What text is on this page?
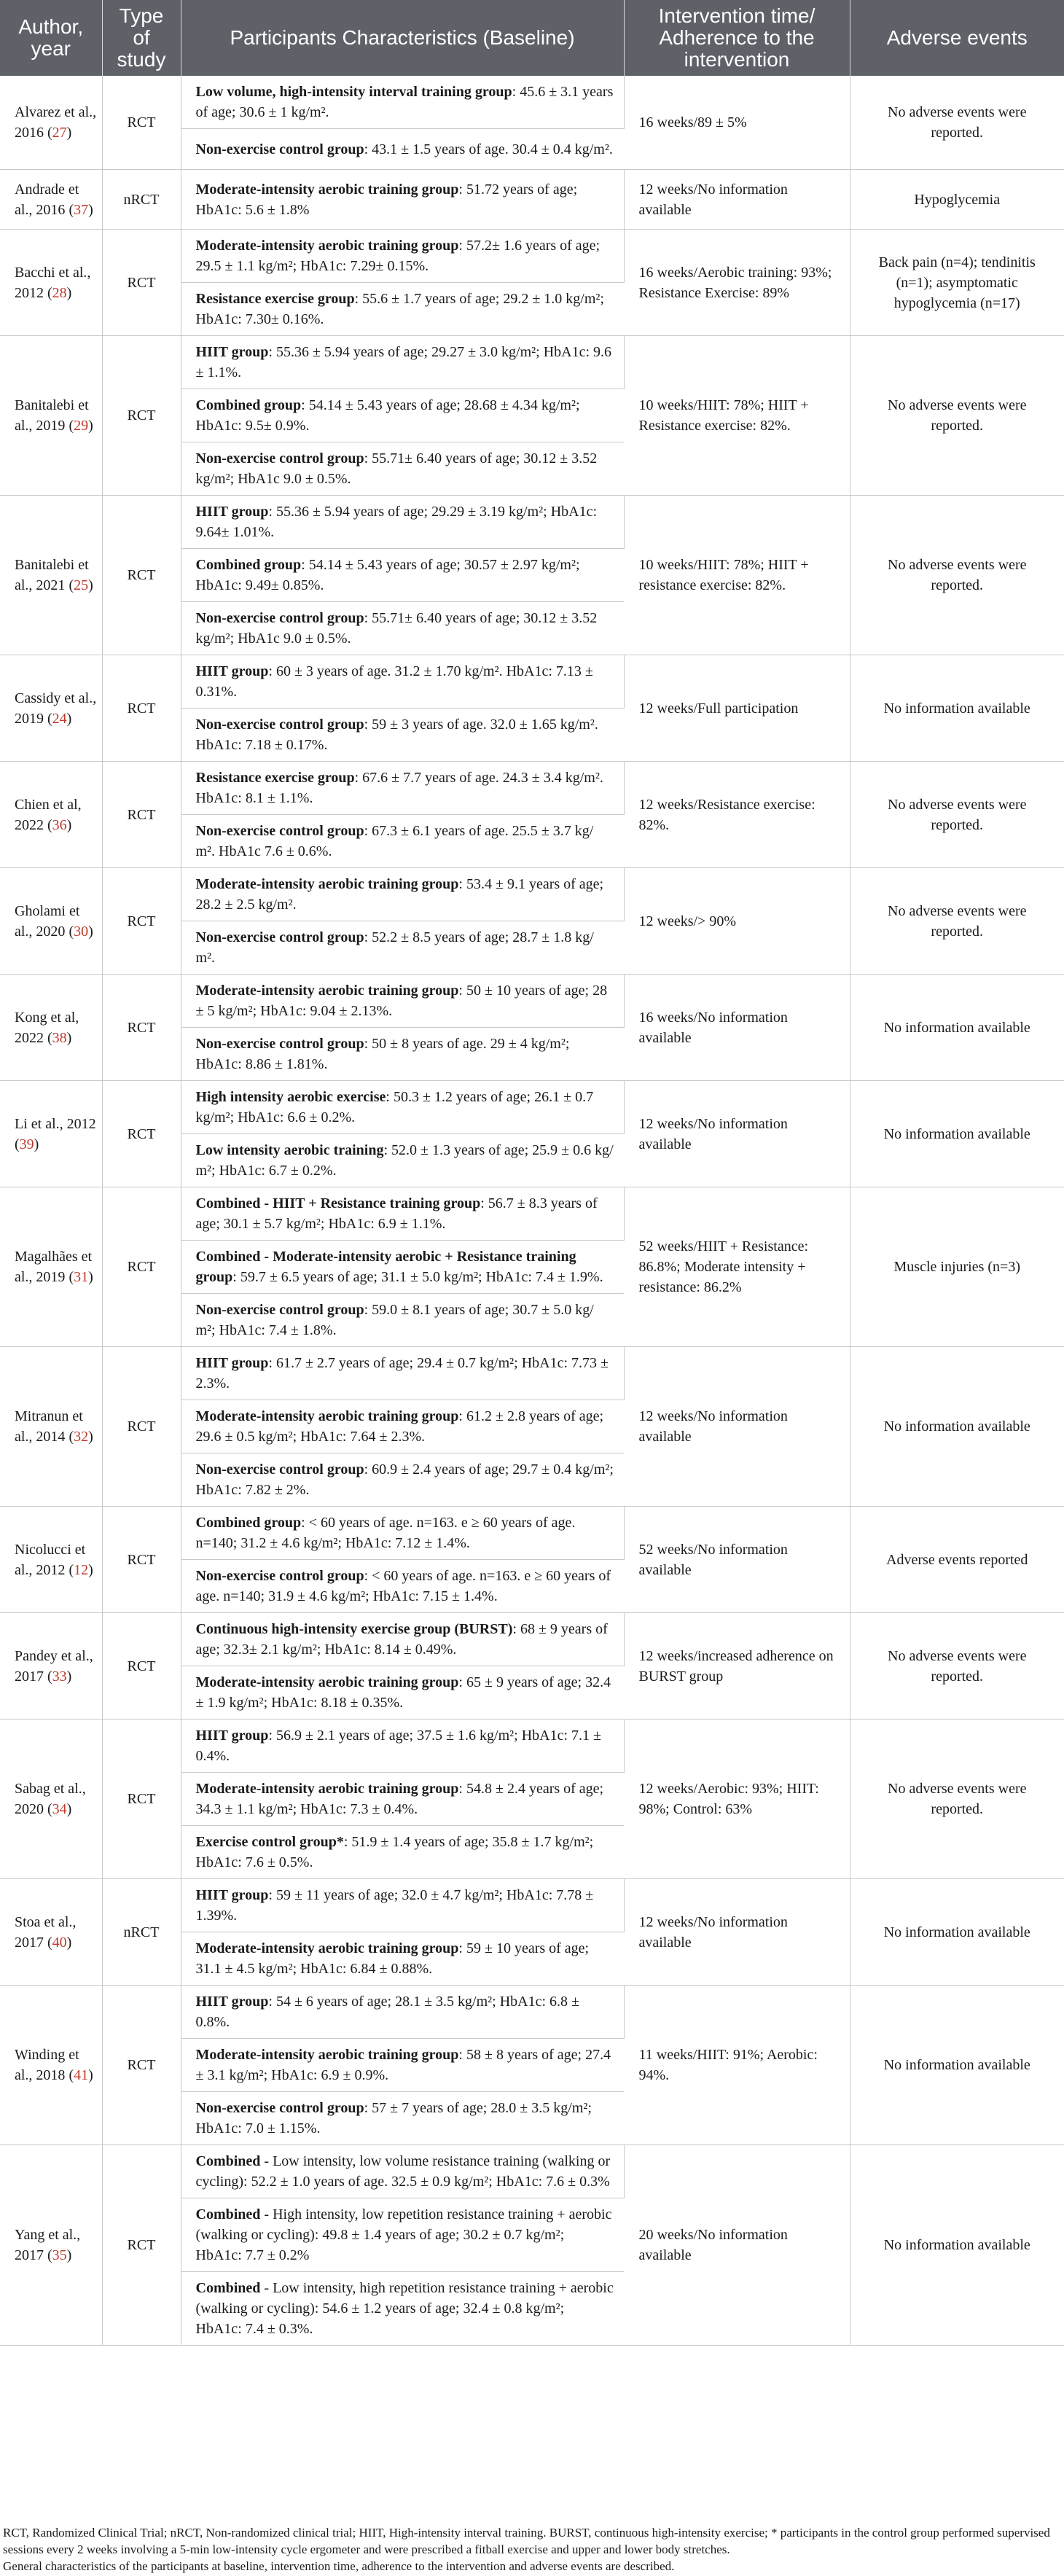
Author, year	Type of study	Participants Characteristics (Baseline)	Intervention time/ Adherence to the intervention	Adverse events
Alvarez et al., 2016 (27)	RCT	Low volume, high-intensity interval training group: 45.6 ± 3.1 years of age; 30.6 ± 1 kg/m².	16 weeks/89 ± 5%	No adverse events were reported.
		Non-exercise control group: 43.1 ± 1.5 years of age. 30.4 ± 0.4 kg/m².		
Andrade et al., 2016 (37)	nRCT	Moderate-intensity aerobic training group: 51.72 years of age; HbA1c: 5.6 ± 1.8%	12 weeks/No information available	Hypoglycemia
Bacchi et al., 2012 (28)	RCT	Moderate-intensity aerobic training group: 57.2± 1.6 years of age; 29.5 ± 1.1 kg/m²; HbA1c: 7.29± 0.15%.	16 weeks/Aerobic training: 93%; Resistance Exercise: 89%	Back pain (n=4); tendinitis (n=1); asymptomatic hypoglycemia (n=17)
		Resistance exercise group: 55.6 ± 1.7 years of age; 29.2 ± 1.0 kg/m²; HbA1c: 7.30± 0.16%.		
Banitalebi et al., 2019 (29)	RCT	HIIT group: 55.36 ± 5.94 years of age; 29.27 ± 3.0 kg/m²; HbA1c: 9.6 ± 1.1%.	10 weeks/HIIT: 78%; HIIT + Resistance exercise: 82%.	No adverse events were reported.
		Combined group: 54.14 ± 5.43 years of age; 28.68 ± 4.34 kg/m²; HbA1c: 9.5± 0.9%.		
		Non-exercise control group: 55.71± 6.40 years of age; 30.12 ± 3.52 kg/m²; HbA1c 9.0 ± 0.5%.		
Banitalebi et al., 2021 (25)	RCT	HIIT group: 55.36 ± 5.94 years of age; 29.29 ± 3.19 kg/m²; HbA1c: 9.64± 1.01%.	10 weeks/HIIT: 78%; HIIT + resistance exercise: 82%.	No adverse events were reported.
		Combined group: 54.14 ± 5.43 years of age; 30.57 ± 2.97 kg/m²; HbA1c: 9.49± 0.85%.		
		Non-exercise control group: 55.71± 6.40 years of age; 30.12 ± 3.52 kg/m²; HbA1c 9.0 ± 0.5%.		
Cassidy et al., 2019 (24)	RCT	HIIT group: 60 ± 3 years of age. 31.2 ± 1.70 kg/m². HbA1c: 7.13 ± 0.31%.	12 weeks/Full participation	No information available
		Non-exercise control group: 59 ± 3 years of age. 32.0 ± 1.65 kg/m². HbA1c: 7.18 ± 0.17%.		
Chien et al, 2022 (36)	RCT	Resistance exercise group: 67.6 ± 7.7 years of age. 24.3 ± 3.4 kg/m². HbA1c: 8.1 ± 1.1%.	12 weeks/Resistance exercise: 82%.	No adverse events were reported.
		Non-exercise control group: 67.3 ± 6.1 years of age. 25.5 ± 3.7 kg/ m². HbA1c 7.6 ± 0.6%.		
Gholami et al., 2020 (30)	RCT	Moderate-intensity aerobic training group: 53.4 ± 9.1 years of age; 28.2 ± 2.5 kg/m².	12 weeks/> 90%	No adverse events were reported.
		Non-exercise control group: 52.2 ± 8.5 years of age; 28.7 ± 1.8 kg/ m².		
Kong et al, 2022 (38)	RCT	Moderate-intensity aerobic training group: 50 ± 10 years of age; 28 ± 5 kg/m²; HbA1c: 9.04 ± 2.13%.	16 weeks/No information available	No information available
		Non-exercise control group: 50 ± 8 years of age. 29 ± 4 kg/m²; HbA1c: 8.86 ± 1.81%.		
Li et al., 2012 (39)	RCT	High intensity aerobic exercise: 50.3 ± 1.2 years of age; 26.1 ± 0.7 kg/m²; HbA1c: 6.6 ± 0.2%.	12 weeks/No information available	No information available
		Low intensity aerobic training: 52.0 ± 1.3 years of age; 25.9 ± 0.6 kg/ m²; HbA1c: 6.7 ± 0.2%.		
Magalhães et al., 2019 (31)	RCT	Combined - HIIT + Resistance training group: 56.7 ± 8.3 years of age; 30.1 ± 5.7 kg/m²; HbA1c: 6.9 ± 1.1%.	52 weeks/HIIT + Resistance: 86.8%; Moderate intensity + resistance: 86.2%	Muscle injuries (n=3)
		Combined - Moderate-intensity aerobic + Resistance training group: 59.7 ± 6.5 years of age; 31.1 ± 5.0 kg/m²; HbA1c: 7.4 ± 1.9%.		
		Non-exercise control group: 59.0 ± 8.1 years of age; 30.7 ± 5.0 kg/ m²; HbA1c: 7.4 ± 1.8%.		
Mitranun et al., 2014 (32)	RCT	HIIT group: 61.7 ± 2.7 years of age; 29.4 ± 0.7 kg/m²; HbA1c: 7.73 ± 2.3%.	12 weeks/No information available	No information available
		Moderate-intensity aerobic training group: 61.2 ± 2.8 years of age; 29.6 ± 0.5 kg/m²; HbA1c: 7.64 ± 2.3%.		
		Non-exercise control group: 60.9 ± 2.4 years of age; 29.7 ± 0.4 kg/m²; HbA1c: 7.82 ± 2%.		
Nicolucci et al., 2012 (12)	RCT	Combined group: < 60 years of age. n=163. e ≥ 60 years of age. n=140; 31.2 ± 4.6 kg/m²; HbA1c: 7.12 ± 1.4%.	52 weeks/No information available	Adverse events reported
		Non-exercise control group: < 60 years of age. n=163. e ≥ 60 years of age. n=140; 31.9 ± 4.6 kg/m²; HbA1c: 7.15 ± 1.4%.		
Pandey et al., 2017 (33)	RCT	Continuous high-intensity exercise group (BURST): 68 ± 9 years of age; 32.3± 2.1 kg/m²; HbA1c: 8.14 ± 0.49%.	12 weeks/increased adherence on BURST group	No adverse events were reported.
		Moderate-intensity aerobic training group: 65 ± 9 years of age; 32.4 ± 1.9 kg/m²; HbA1c: 8.18 ± 0.35%.		
Sabag et al., 2020 (34)	RCT	HIIT group: 56.9 ± 2.1 years of age; 37.5 ± 1.6 kg/m²; HbA1c: 7.1 ± 0.4%.	12 weeks/Aerobic: 93%; HIIT: 98%; Control: 63%	No adverse events were reported.
		Moderate-intensity aerobic training group: 54.8 ± 2.4 years of age; 34.3 ± 1.1 kg/m²; HbA1c: 7.3 ± 0.4%.		
		Exercise control group*: 51.9 ± 1.4 years of age; 35.8 ± 1.7 kg/m²; HbA1c: 7.6 ± 0.5%.		
Stoa et al., 2017 (40)	nRCT	HIIT group: 59 ± 11 years of age; 32.0 ± 4.7 kg/m²; HbA1c: 7.78 ± 1.39%.	12 weeks/No information available	No information available
		Moderate-intensity aerobic training group: 59 ± 10 years of age; 31.1 ± 4.5 kg/m²; HbA1c: 6.84 ± 0.88%.		
Winding et al., 2018 (41)	RCT	HIIT group: 54 ± 6 years of age; 28.1 ± 3.5 kg/m²; HbA1c: 6.8 ± 0.8%.	11 weeks/HIIT: 91%; Aerobic: 94%.	No information available
		Moderate-intensity aerobic training group: 58 ± 8 years of age; 27.4 ± 3.1 kg/m²; HbA1c: 6.9 ± 0.9%.		
		Non-exercise control group: 57 ± 7 years of age; 28.0 ± 3.5 kg/m²; HbA1c: 7.0 ± 1.15%.		
Yang et al., 2017 (35)	RCT	Combined - Low intensity, low volume resistance training (walking or cycling): 52.2 ± 1.0 years of age. 32.5 ± 0.9 kg/m²; HbA1c: 7.6 ± 0.3%	20 weeks/No information available	No information available
		Combined - High intensity, low repetition resistance training + aerobic (walking or cycling): 49.8 ± 1.4 years of age; 30.2 ± 0.7 kg/m²; HbA1c: 7.7 ± 0.2%		
		Combined - Low intensity, high repetition resistance training + aerobic (walking or cycling): 54.6 ± 1.2 years of age; 32.4 ± 0.8 kg/m²; HbA1c: 7.4 ± 0.3%.		
RCT, Randomized Clinical Trial; nRCT, Non-randomized clinical trial; HIIT, High-intensity interval training. BURST, continuous high-intensity exercise; * participants in the control group performed supervised sessions every 2 weeks involving a 5-min low-intensity cycle ergometer and were prescribed a fitball exercise and upper and lower body stretches.
General characteristics of the participants at baseline, intervention time, adherence to the intervention and adverse events are described.
